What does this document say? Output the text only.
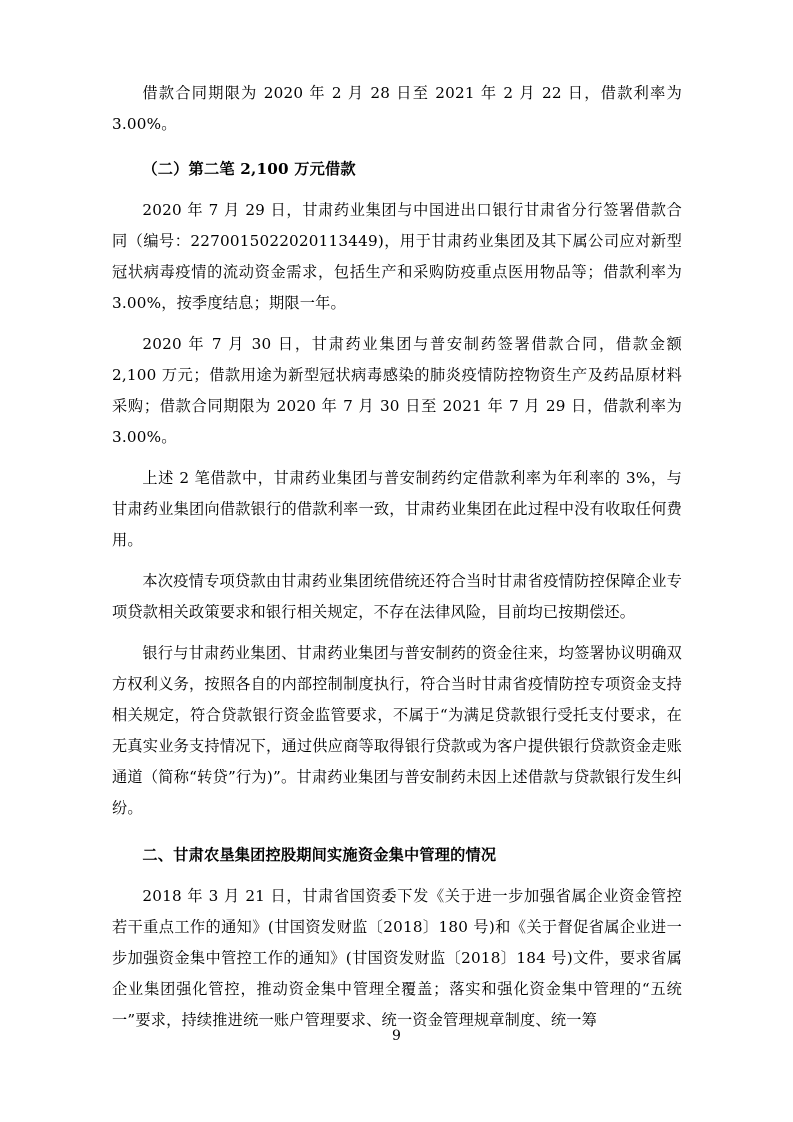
借款合同期限为 2020 年 2 月 28 日至 2021 年 2 月 22 日，借款利率为 3.00%。

（二）第二笔 2,100 万元借款

2020 年 7 月 29 日，甘肃药业集团与中国进出口银行甘肃省分行签署借款合同（编号：2270015022020113449)，用于甘肃药业集团及其下属公司应对新型冠状病毒疫情的流动资金需求，包括生产和采购防疫重点医用物品等；借款利率为 3.00%，按季度结息；期限一年。

2020 年 7 月 30 日，甘肃药业集团与普安制药签署借款合同，借款金额 2,100 万元；借款用途为新型冠状病毒感染的肺炎疫情防控物资生产及药品原材料采购；借款合同期限为 2020 年 7 月 30 日至 2021 年 7 月 29 日，借款利率为 3.00%。

上述 2 笔借款中，甘肃药业集团与普安制药约定借款利率为年利率的 3%，与甘肃药业集团向借款银行的借款利率一致，甘肃药业集团在此过程中没有收取任何费用。

本次疫情专项贷款由甘肃药业集团统借统还符合当时甘肃省疫情防控保障企业专项贷款相关政策要求和银行相关规定，不存在法律风险，目前均已按期偿还。

银行与甘肃药业集团、甘肃药业集团与普安制药的资金往来，均签署协议明确双方权利义务，按照各自的内部控制制度执行，符合当时甘肃省疫情防控专项资金支持相关规定，符合贷款银行资金监管要求，不属于“为满足贷款银行受托支付要求，在无真实业务支持情况下，通过供应商等取得银行贷款或为客户提供银行贷款资金走账通道（简称“转贷”行为)”。甘肃药业集团与普安制药未因上述借款与贷款银行发生纠纷。

二、甘肃农垦集团控股期间实施资金集中管理的情况

2018 年 3 月 21 日，甘肃省国资委下发《关于进一步加强省属企业资金管控若干重点工作的通知》(甘国资发财监〔2018〕180 号)和《关于督促省属企业进一步加强资金集中管控工作的通知》(甘国资发财监〔2018〕184 号)文件，要求省属企业集团强化管控，推动资金集中管理全覆盖；落实和强化资金集中管理的“五统一”要求，持续推进统一账户管理要求、统一资金管理规章制度、统一筹

9
